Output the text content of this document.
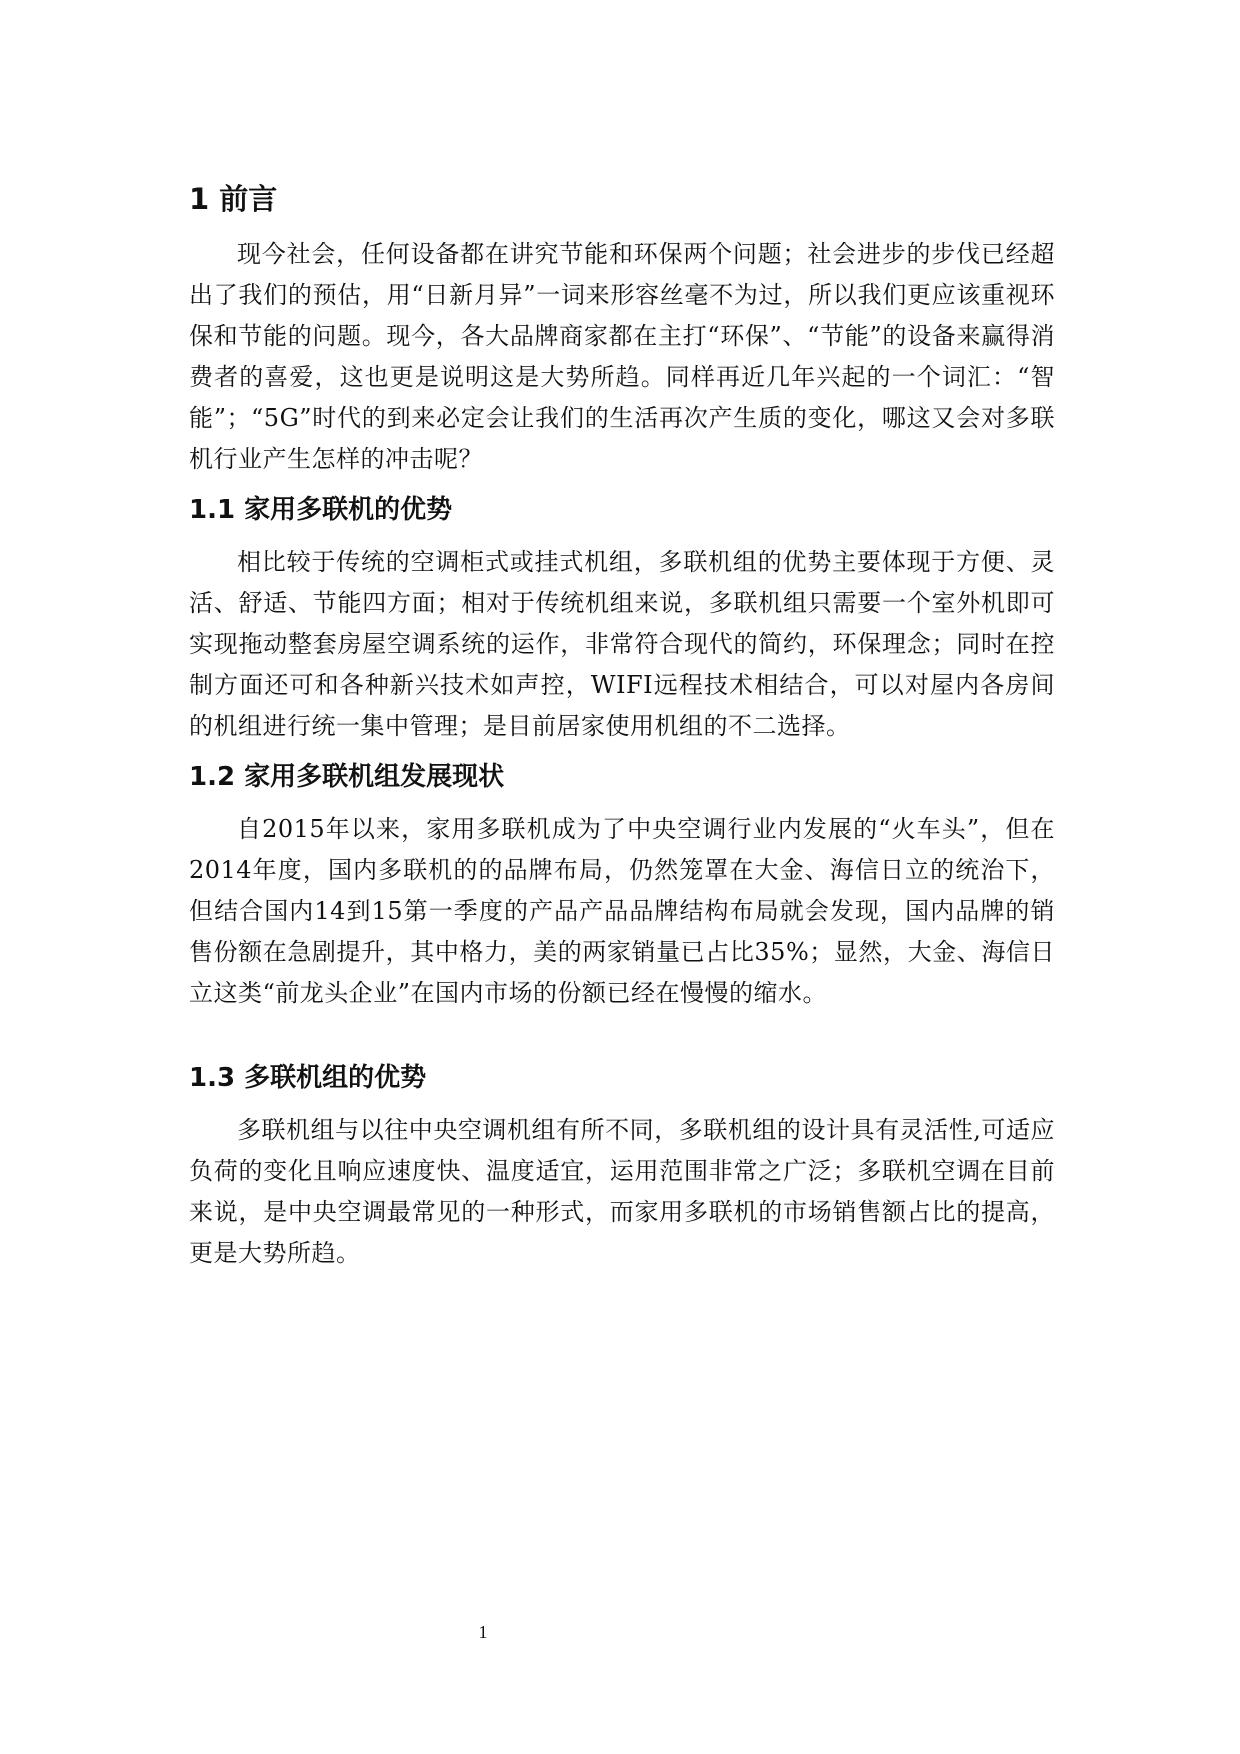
1 前言

现今社会，任何设备都在讲究节能和环保两个问题；社会进步的步伐已经超出了我们的预估，用“日新月异”一词来形容丝毫不为过，所以我们更应该重视环保和节能的问题。现今，各大品牌商家都在主打“环保”、“节能”的设备来赢得消费者的喜爱，这也更是说明这是大势所趋。同样再近几年兴起的一个词汇：“智能”；“5G”时代的到来必定会让我们的生活再次产生质的变化，哪这又会对多联机行业产生怎样的冲击呢？

1.1 家用多联机的优势

相比较于传统的空调柜式或挂式机组，多联机组的优势主要体现于方便、灵活、舒适、节能四方面；相对于传统机组来说，多联机组只需要一个室外机即可实现拖动整套房屋空调系统的运作，非常符合现代的简约，环保理念；同时在控制方面还可和各种新兴技术如声控，WIFI远程技术相结合，可以对屋内各房间的机组进行统一集中管理；是目前居家使用机组的不二选择。

1.2 家用多联机组发展现状

自2015年以来，家用多联机成为了中央空调行业内发展的“火车头”，但在2014年度，国内多联机的的品牌布局，仍然笼罩在大金、海信日立的统治下，但结合国内14到15第一季度的产品产品品牌结构布局就会发现，国内品牌的销售份额在急剧提升，其中格力，美的两家销量已占比35%；显然，大金、海信日立这类“前龙头企业”在国内市场的份额已经在慢慢的缩水。

1.3 多联机组的优势

多联机组与以往中央空调机组有所不同，多联机组的设计具有灵活性,可适应负荷的变化且响应速度快、温度适宜，运用范围非常之广泛；多联机空调在目前来说，是中央空调最常见的一种形式，而家用多联机的市场销售额占比的提高，更是大势所趋。

1
